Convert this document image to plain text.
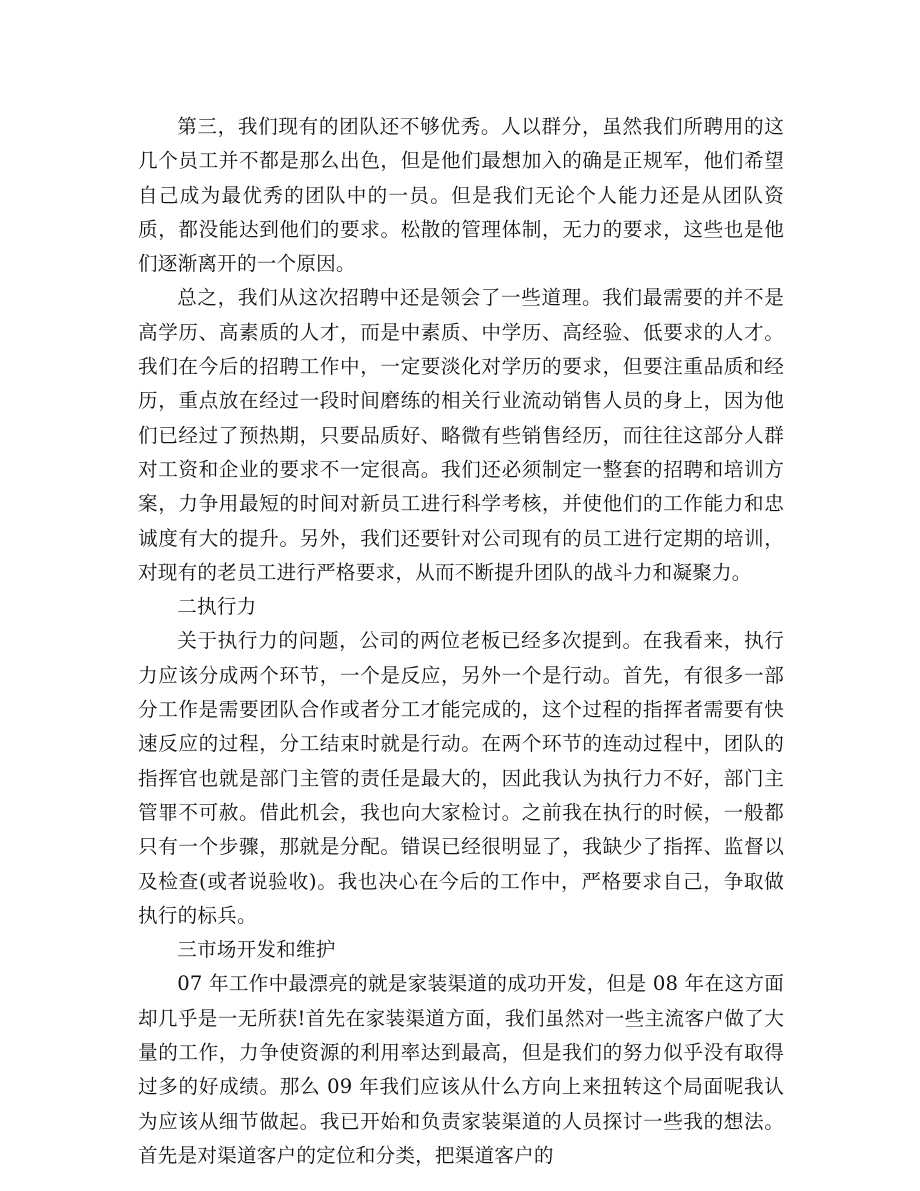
第三，我们现有的团队还不够优秀。人以群分，虽然我们所聘用的这几个员工并不都是那么出色，但是他们最想加入的确是正规军，他们希望自己成为最优秀的团队中的一员。但是我们无论个人能力还是从团队资质，都没能达到他们的要求。松散的管理体制，无力的要求，这些也是他们逐渐离开的一个原因。

总之，我们从这次招聘中还是领会了一些道理。我们最需要的并不是高学历、高素质的人才，而是中素质、中学历、高经验、低要求的人才。我们在今后的招聘工作中，一定要淡化对学历的要求，但要注重品质和经历，重点放在经过一段时间磨练的相关行业流动销售人员的身上，因为他们已经过了预热期，只要品质好、略微有些销售经历，而往往这部分人群对工资和企业的要求不一定很高。我们还必须制定一整套的招聘和培训方案，力争用最短的时间对新员工进行科学考核，并使他们的工作能力和忠诚度有大的提升。另外，我们还要针对公司现有的员工进行定期的培训，对现有的老员工进行严格要求，从而不断提升团队的战斗力和凝聚力。

二执行力

关于执行力的问题，公司的两位老板已经多次提到。在我看来，执行力应该分成两个环节，一个是反应，另外一个是行动。首先，有很多一部分工作是需要团队合作或者分工才能完成的，这个过程的指挥者需要有快速反应的过程，分工结束时就是行动。在两个环节的连动过程中，团队的指挥官也就是部门主管的责任是最大的，因此我认为执行力不好，部门主管罪不可赦。借此机会，我也向大家检讨。之前我在执行的时候，一般都只有一个步骤，那就是分配。错误已经很明显了，我缺少了指挥、监督以及检查(或者说验收)。我也决心在今后的工作中，严格要求自己，争取做执行的标兵。

三市场开发和维护

07 年工作中最漂亮的就是家装渠道的成功开发，但是 08 年在这方面却几乎是一无所获!首先在家装渠道方面，我们虽然对一些主流客户做了大量的工作，力争使资源的利用率达到最高，但是我们的努力似乎没有取得过多的好成绩。那么 09 年我们应该从什么方向上来扭转这个局面呢我认为应该从细节做起。我已开始和负责家装渠道的人员探讨一些我的想法。首先是对渠道客户的定位和分类，把渠道客户的
